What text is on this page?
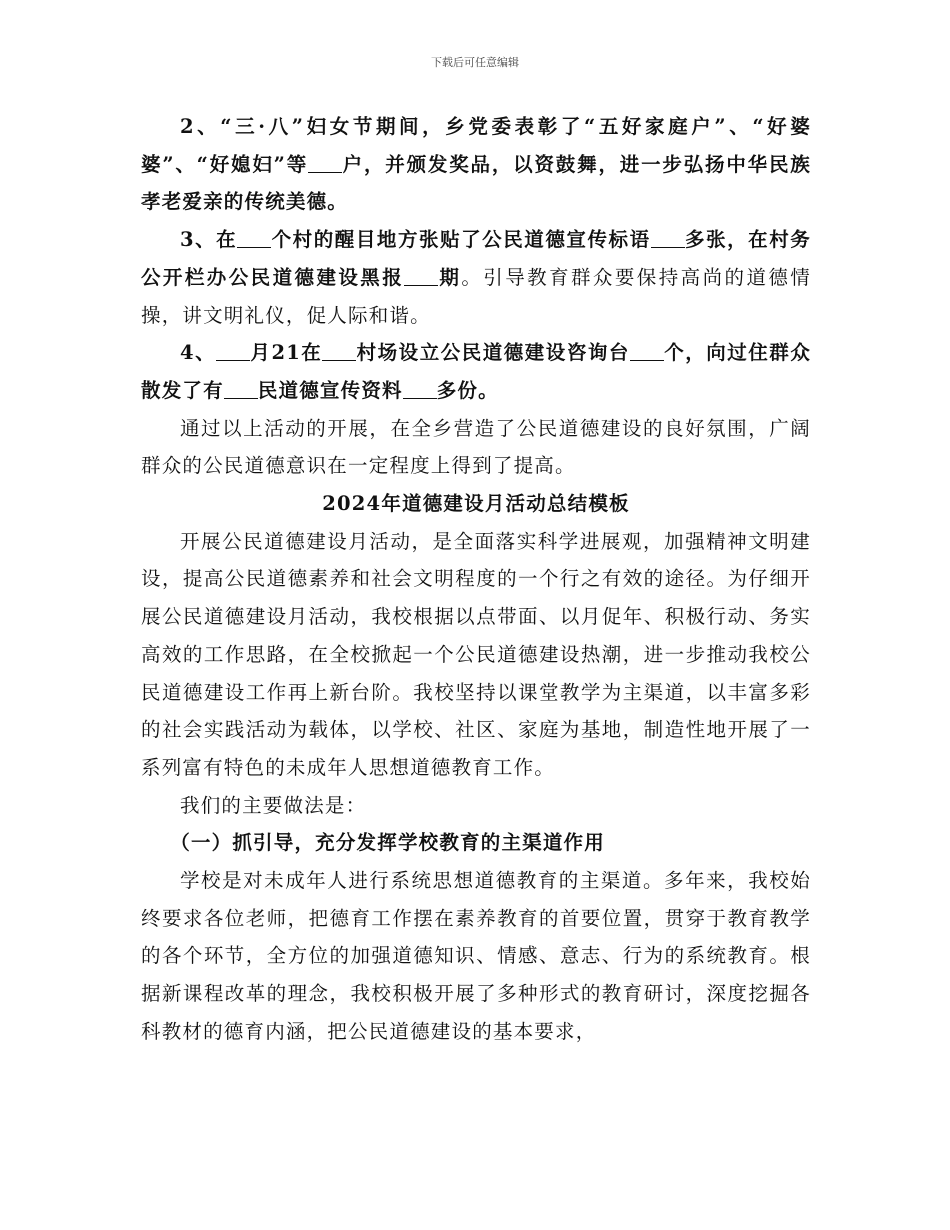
下载后可任意编辑

2、“三·八”妇女节期间，乡党委表彰了“五好家庭户”、“好婆婆”、“好媳妇”等 户，并颁发奖品，以资鼓舞，进一步弘扬中华民族孝老爱亲的传统美德。

3、在 个村的醒目地方张贴了公民道德宣传标语 多张，在村务公开栏办公民道德建设黑报 期。引导教育群众要保持高尚的道德情操，讲文明礼仪，促人际和谐。

4、 月21在 村场设立公民道德建设咨询台 个，向过住群众散发了有 民道德宣传资料 多份。

通过以上活动的开展，在全乡营造了公民道德建设的良好氛围，广阔群众的公民道德意识在一定程度上得到了提高。

2024年道德建设月活动总结模板

开展公民道德建设月活动，是全面落实科学进展观，加强精神文明建设，提高公民道德素养和社会文明程度的一个行之有效的途径。为仔细开展公民道德建设月活动，我校根据以点带面、以月促年、积极行动、务实高效的工作思路，在全校掀起一个公民道德建设热潮，进一步推动我校公民道德建设工作再上新台阶。我校坚持以课堂教学为主渠道，以丰富多彩的社会实践活动为载体，以学校、社区、家庭为基地，制造性地开展了一系列富有特色的未成年人思想道德教育工作。

我们的主要做法是：

（一）抓引导，充分发挥学校教育的主渠道作用

学校是对未成年人进行系统思想道德教育的主渠道。多年来，我校始终要求各位老师，把德育工作摆在素养教育的首要位置，贯穿于教育教学的各个环节，全方位的加强道德知识、情感、意志、行为的系统教育。根据新课程改革的理念，我校积极开展了多种形式的教育研讨，深度挖掘各科教材的德育内涵，把公民道德建设的基本要求，
